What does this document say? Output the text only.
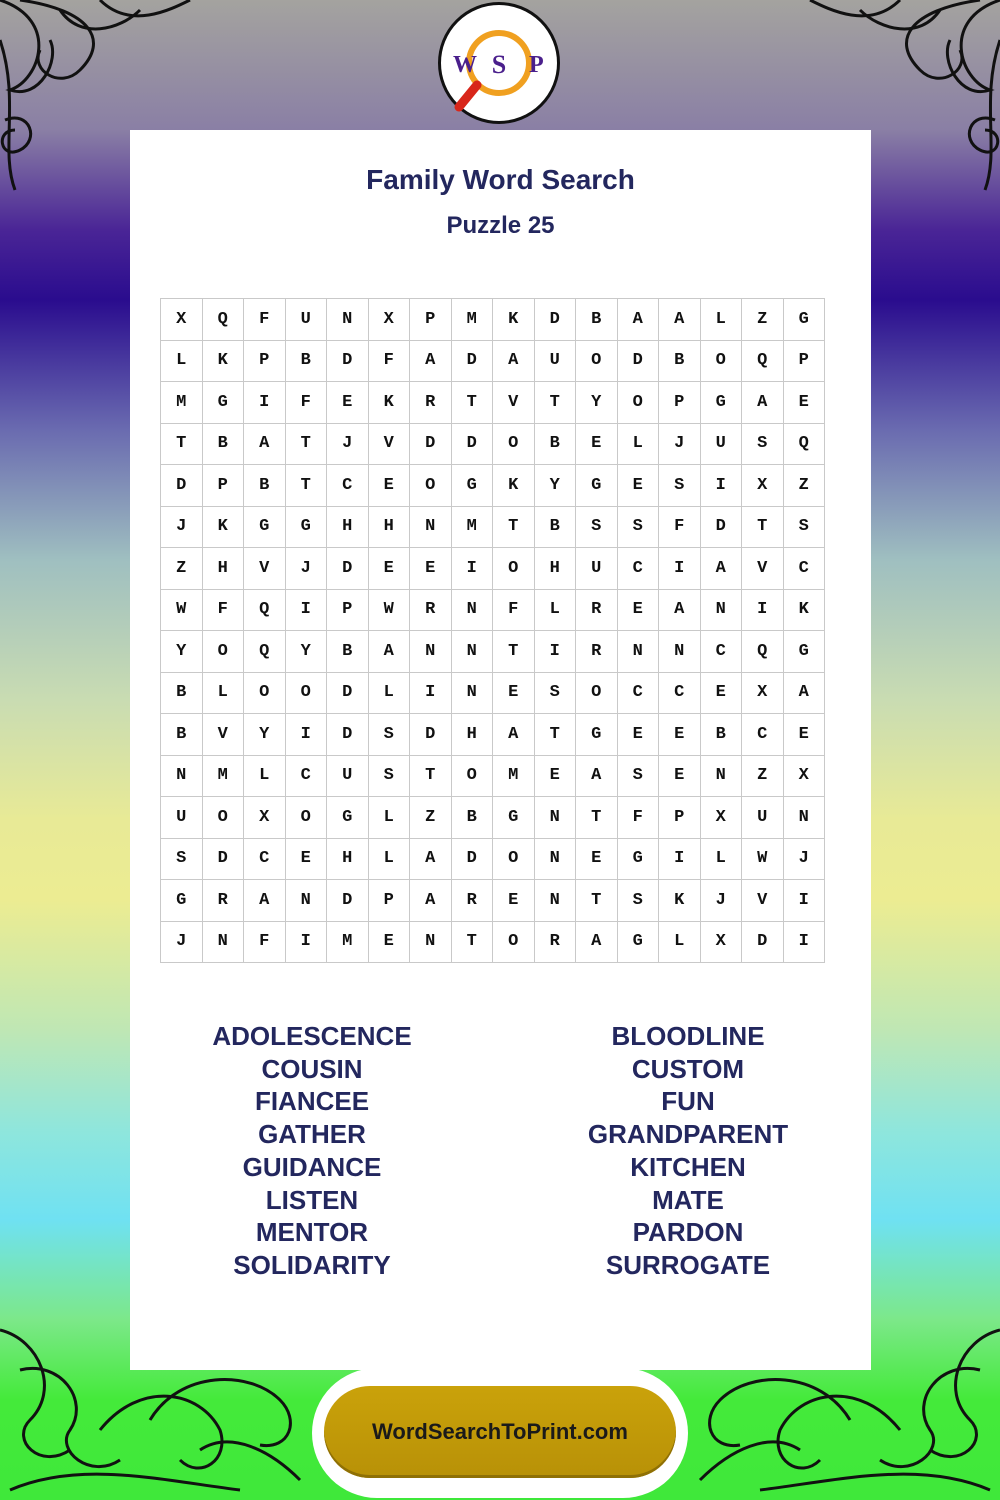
W S P
Family Word Search
Puzzle 25
X	Q	F	U	N	X	P	M	K	D	B	A	A	L	Z	G
L	K	P	B	D	F	A	D	A	U	O	D	B	O	Q	P
M	G	I	F	E	K	R	T	V	T	Y	O	P	G	A	E
T	B	A	T	J	V	D	D	O	B	E	L	J	U	S	Q
D	P	B	T	C	E	O	G	K	Y	G	E	S	I	X	Z
J	K	G	G	H	H	N	M	T	B	S	S	F	D	T	S
Z	H	V	J	D	E	E	I	O	H	U	C	I	A	V	C
W	F	Q	I	P	W	R	N	F	L	R	E	A	N	I	K
Y	O	Q	Y	B	A	N	N	T	I	R	N	N	C	Q	G
B	L	O	O	D	L	I	N	E	S	O	C	C	E	X	A
B	V	Y	I	D	S	D	H	A	T	G	E	E	B	C	E
N	M	L	C	U	S	T	O	M	E	A	S	E	N	Z	X
U	O	X	O	G	L	Z	B	G	N	T	F	P	X	U	N
S	D	C	E	H	L	A	D	O	N	E	G	I	L	W	J
G	R	A	N	D	P	A	R	E	N	T	S	K	J	V	I
J	N	F	I	M	E	N	T	O	R	A	G	L	X	D	I
ADOLESCENCE
COUSIN
FIANCEE
GATHER
GUIDANCE
LISTEN
MENTOR
SOLIDARITY
BLOODLINE
CUSTOM
FUN
GRANDPARENT
KITCHEN
MATE
PARDON
SURROGATE
WordSearchToPrint.com
